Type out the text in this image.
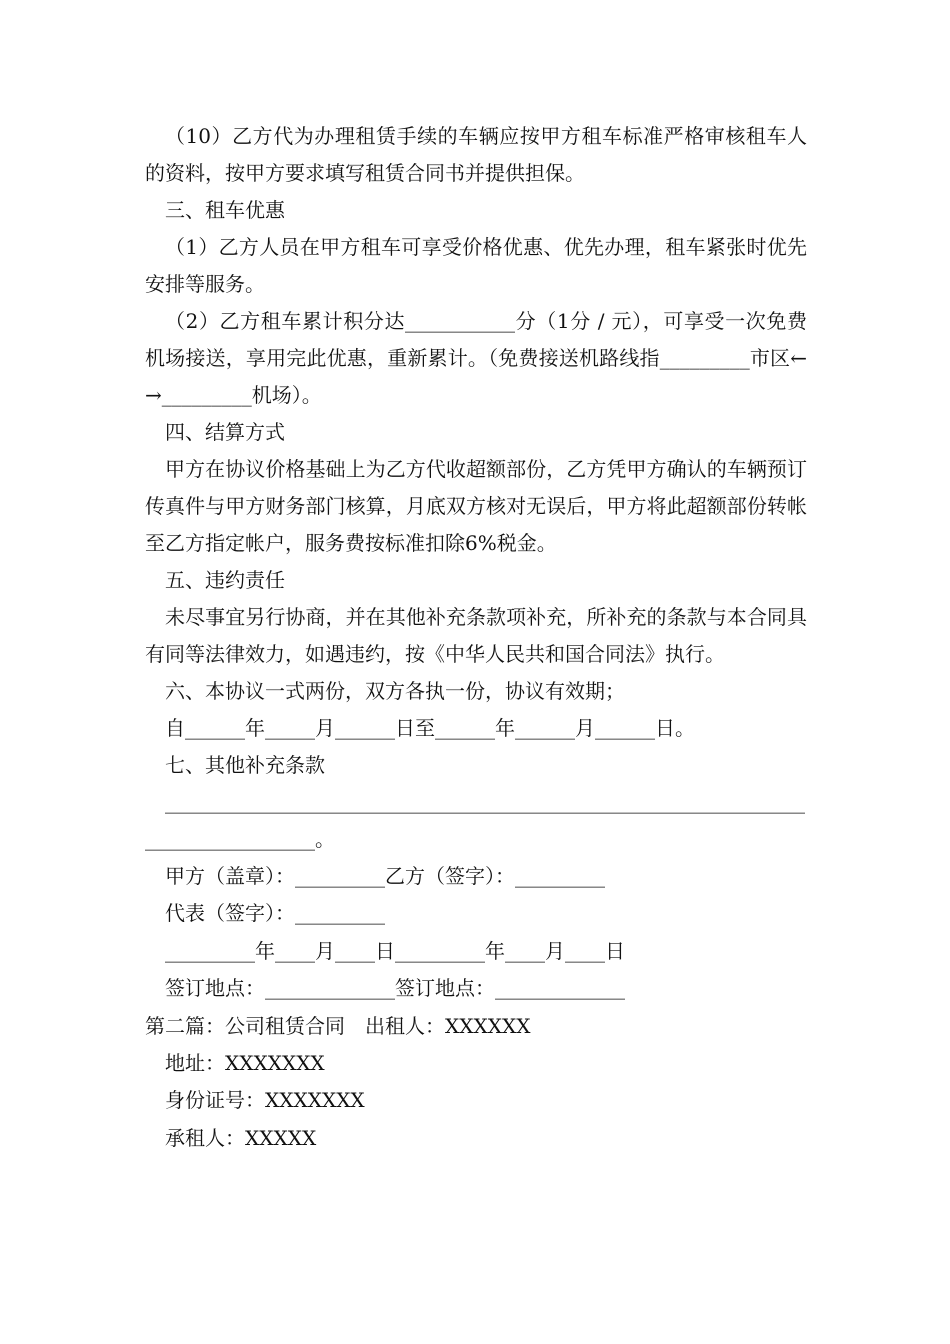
（10）乙方代为办理租赁手续的车辆应按甲方租车标准严格审核租车人的资料，按甲方要求填写租赁合同书并提供担保。

三、租车优惠

（1）乙方人员在甲方租车可享受价格优惠、优先办理，租车紧张时优先安排等服务。

（2）乙方租车累计积分达___________分（1分 / 元），可享受一次免费机场接送，享用完此优惠，重新累计。（免费接送机路线指_________市区←→_________机场）。

四、结算方式

甲方在协议价格基础上为乙方代收超额部份，乙方凭甲方确认的车辆预订传真件与甲方财务部门核算，月底双方核对无误后，甲方将此超额部份转帐至乙方指定帐户，服务费按标准扣除6%税金。

五、违约责任

未尽事宜另行协商，并在其他补充条款项补充，所补充的条款与本合同具有同等法律效力，如遇违约，按《中华人民共和国合同法》执行。

六、本协议一式两份，双方各执一份，协议有效期；

自______年_____月______日至______年______月______日。

七、其他补充条款

_________________________________________________________________________________。

甲方（盖章）：_________乙方（签字）：_________

代表（签字）：_________

_________年____月____日_________年____月____日

签订地点：_____________签订地点：_____________

第二篇：公司租赁合同　出租人：XXXXXX

地址：XXXXXXX

身份证号：XXXXXXX

承租人：XXXXX
